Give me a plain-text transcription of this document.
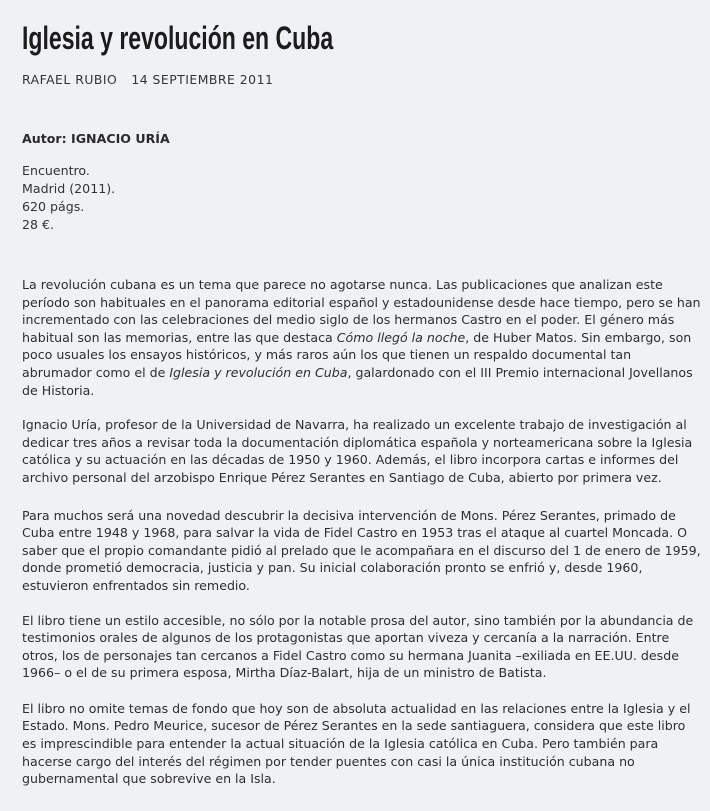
Iglesia y revolución en Cuba
RAFAEL RUBIO 14 SEPTIEMBRE 2011
Autor: IGNACIO URÍA
Encuentro.
Madrid (2011).
620 págs.
28 €.

La revolución cubana es un tema que parece no agotarse nunca. Las publicaciones que analizan este período son habituales en el panorama editorial español y estadounidense desde hace tiempo, pero se han incrementado con las celebraciones del medio siglo de los hermanos Castro en el poder. El género más habitual son las memorias, entre las que destaca Cómo llegó la noche, de Huber Matos. Sin embargo, son poco usuales los ensayos históricos, y más raros aún los que tienen un respaldo documental tan abrumador como el de Iglesia y revolución en Cuba, galardonado con el III Premio internacional Jovellanos de Historia.

Ignacio Uría, profesor de la Universidad de Navarra, ha realizado un excelente trabajo de investigación al dedicar tres años a revisar toda la documentación diplomática española y norteamericana sobre la Iglesia católica y su actuación en las décadas de 1950 y 1960. Además, el libro incorpora cartas e informes del archivo personal del arzobispo Enrique Pérez Serantes en Santiago de Cuba, abierto por primera vez.

Para muchos será una novedad descubrir la decisiva intervención de Mons. Pérez Serantes, primado de Cuba entre 1948 y 1968, para salvar la vida de Fidel Castro en 1953 tras el ataque al cuartel Moncada. O saber que el propio comandante pidió al prelado que le acompañara en el discurso del 1 de enero de 1959, donde prometió democracia, justicia y pan. Su inicial colaboración pronto se enfrió y, desde 1960, estuvieron enfrentados sin remedio.

El libro tiene un estilo accesible, no sólo por la notable prosa del autor, sino también por la abundancia de testimonios orales de algunos de los protagonistas que aportan viveza y cercanía a la narración. Entre otros, los de personajes tan cercanos a Fidel Castro como su hermana Juanita –exiliada en EE.UU. desde 1966– o el de su primera esposa, Mirtha Díaz-Balart, hija de un ministro de Batista.

El libro no omite temas de fondo que hoy son de absoluta actualidad en las relaciones entre la Iglesia y el Estado. Mons. Pedro Meurice, sucesor de Pérez Serantes en la sede santiaguera, considera que este libro es imprescindible para entender la actual situación de la Iglesia católica en Cuba. Pero también para hacerse cargo del interés del régimen por tender puentes con casi la única institución cubana no gubernamental que sobrevive en la Isla.
